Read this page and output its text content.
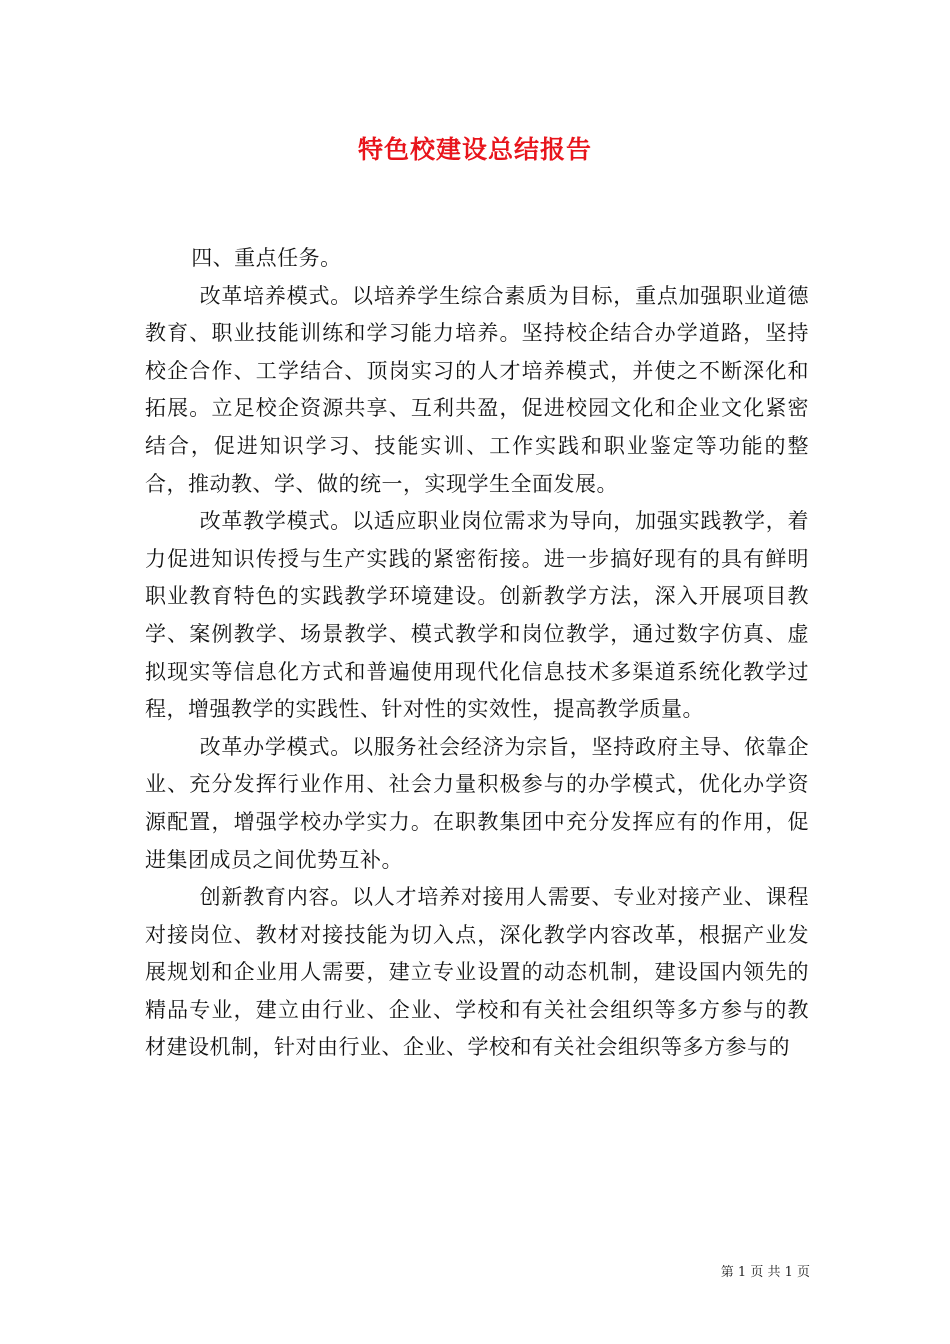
特色校建设总结报告

四、重点任务。

改革培养模式。以培养学生综合素质为目标，重点加强职业道德教育、职业技能训练和学习能力培养。坚持校企结合办学道路，坚持校企合作、工学结合、顶岗实习的人才培养模式，并使之不断深化和拓展。立足校企资源共享、互利共盈，促进校园文化和企业文化紧密结合，促进知识学习、技能实训、工作实践和职业鉴定等功能的整合，推动教、学、做的统一，实现学生全面发展。

改革教学模式。以适应职业岗位需求为导向，加强实践教学，着力促进知识传授与生产实践的紧密衔接。进一步搞好现有的具有鲜明职业教育特色的实践教学环境建设。创新教学方法，深入开展项目教学、案例教学、场景教学、模式教学和岗位教学，通过数字仿真、虚拟现实等信息化方式和普遍使用现代化信息技术多渠道系统化教学过程，增强教学的实践性、针对性的实效性，提高教学质量。

改革办学模式。以服务社会经济为宗旨，坚持政府主导、依靠企业、充分发挥行业作用、社会力量积极参与的办学模式，优化办学资源配置，增强学校办学实力。在职教集团中充分发挥应有的作用，促进集团成员之间优势互补。

创新教育内容。以人才培养对接用人需要、专业对接产业、课程对接岗位、教材对接技能为切入点，深化教学内容改革，根据产业发展规划和企业用人需要，建立专业设置的动态机制，建设国内领先的精品专业，建立由行业、企业、学校和有关社会组织等多方参与的教材建设机制，针对由行业、企业、学校和有关社会组织等多方参与的

第 1 页 共 1 页
